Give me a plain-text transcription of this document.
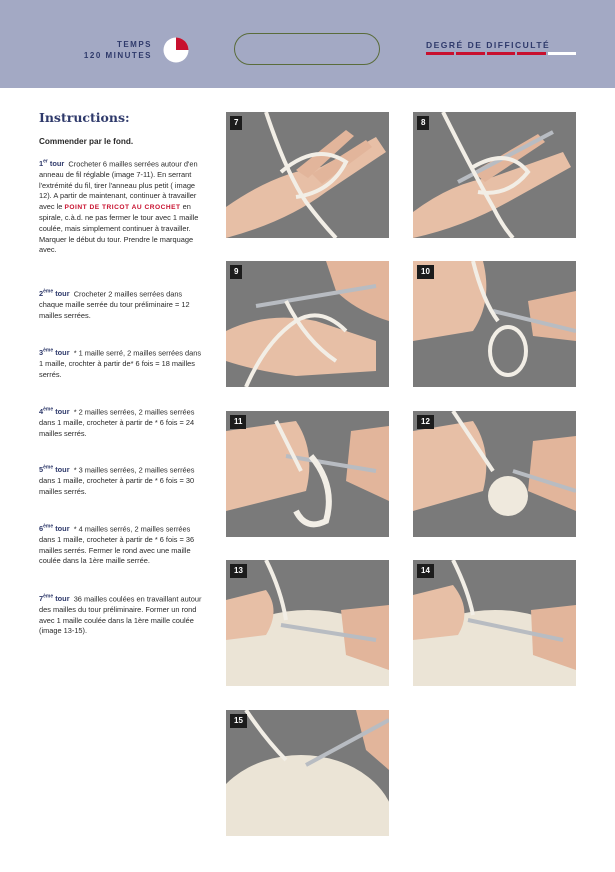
TEMPS
120 MINUTES
DEGRÉ DE DIFFICULTÉ
Instructions:

Commender par le fond.

1er tour Crocheter 6 mailles serrées autour d'en anneau de fil réglable (image 7-11). En serrant l'extrémité du fil, tirer l'anneau plus petit ( image 12). A partir de maintenant, continuer à travailler avec le POINT DE TRICOT AU CROCHET en spirale, c.à.d. ne pas fermer le tour avec 1 maille coulée, mais simplement continuer à travailler. Marquer le début du tour. Prendre le marquage avec.

2ème tour Crocheter 2 mailles serrées dans chaque maille serrée du tour préliminaire = 12 mailles serrées.

3ème tour * 1 maille serré, 2 mailles serrées dans 1 maille, crochter à partir de* 6 fois = 18 mailles serrés.

4ème tour * 2 mailles serrées, 2 mailles serrées dans 1 maille, crocheter à partir de * 6 fois = 24 mailles serrés.

5ème tour * 3 mailles serrées, 2 mailles serrées dans 1 maille, crocheter à partir de * 6 fois = 30 mailles serrés.

6ème tour * 4 mailles serrés, 2 mailles serrées dans 1 maille, crocheter à partir de * 6 fois = 36 mailles serrés. Fermer le rond avec une maille coulée dans la 1ère maille serrée.

7ème tour 36 mailles coulées en travaillant autour des mailles du tour préliminaire. Former un rond avec 1 maille coulée dans la 1ère maille coulée (image 13-15).

7	8
9	10
11	12
13	14
15
